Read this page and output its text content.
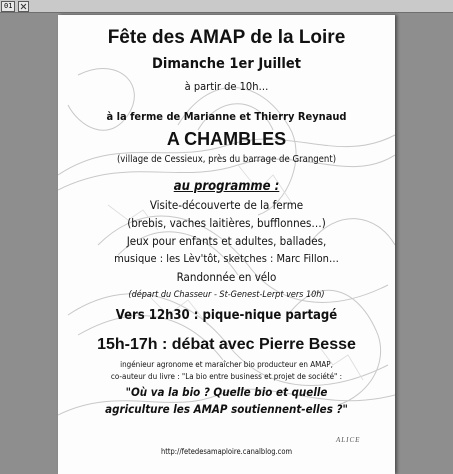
01
Fête des AMAP de la Loire
Dimanche 1er Juillet
à partir de 10h…
à la ferme de Marianne et Thierry Reynaud
A CHAMBLES
(village de Cessieux, près du barrage de Grangent)
au programme :
Visite-découverte de la ferme
(brebis, vaches laitières, bufflonnes…)
Jeux pour enfants et adultes, ballades,
musique : les Lèv'tôt, sketches : Marc Fillon…
Randonnée en vélo
(départ du Chasseur - St-Genest-Lerpt vers 10h)
Vers 12h30 : pique-nique partagé
15h-17h : débat avec Pierre Besse
ingénieur agronome et maraîcher bio producteur en AMAP,
co-auteur du livre : "La bio entre business et projet de société" :
"Où va la bio ? Quelle bio et quelle
agriculture les AMAP soutiennent-elles ?"
ALICE
http://fetedesamaploire.canalblog.com
